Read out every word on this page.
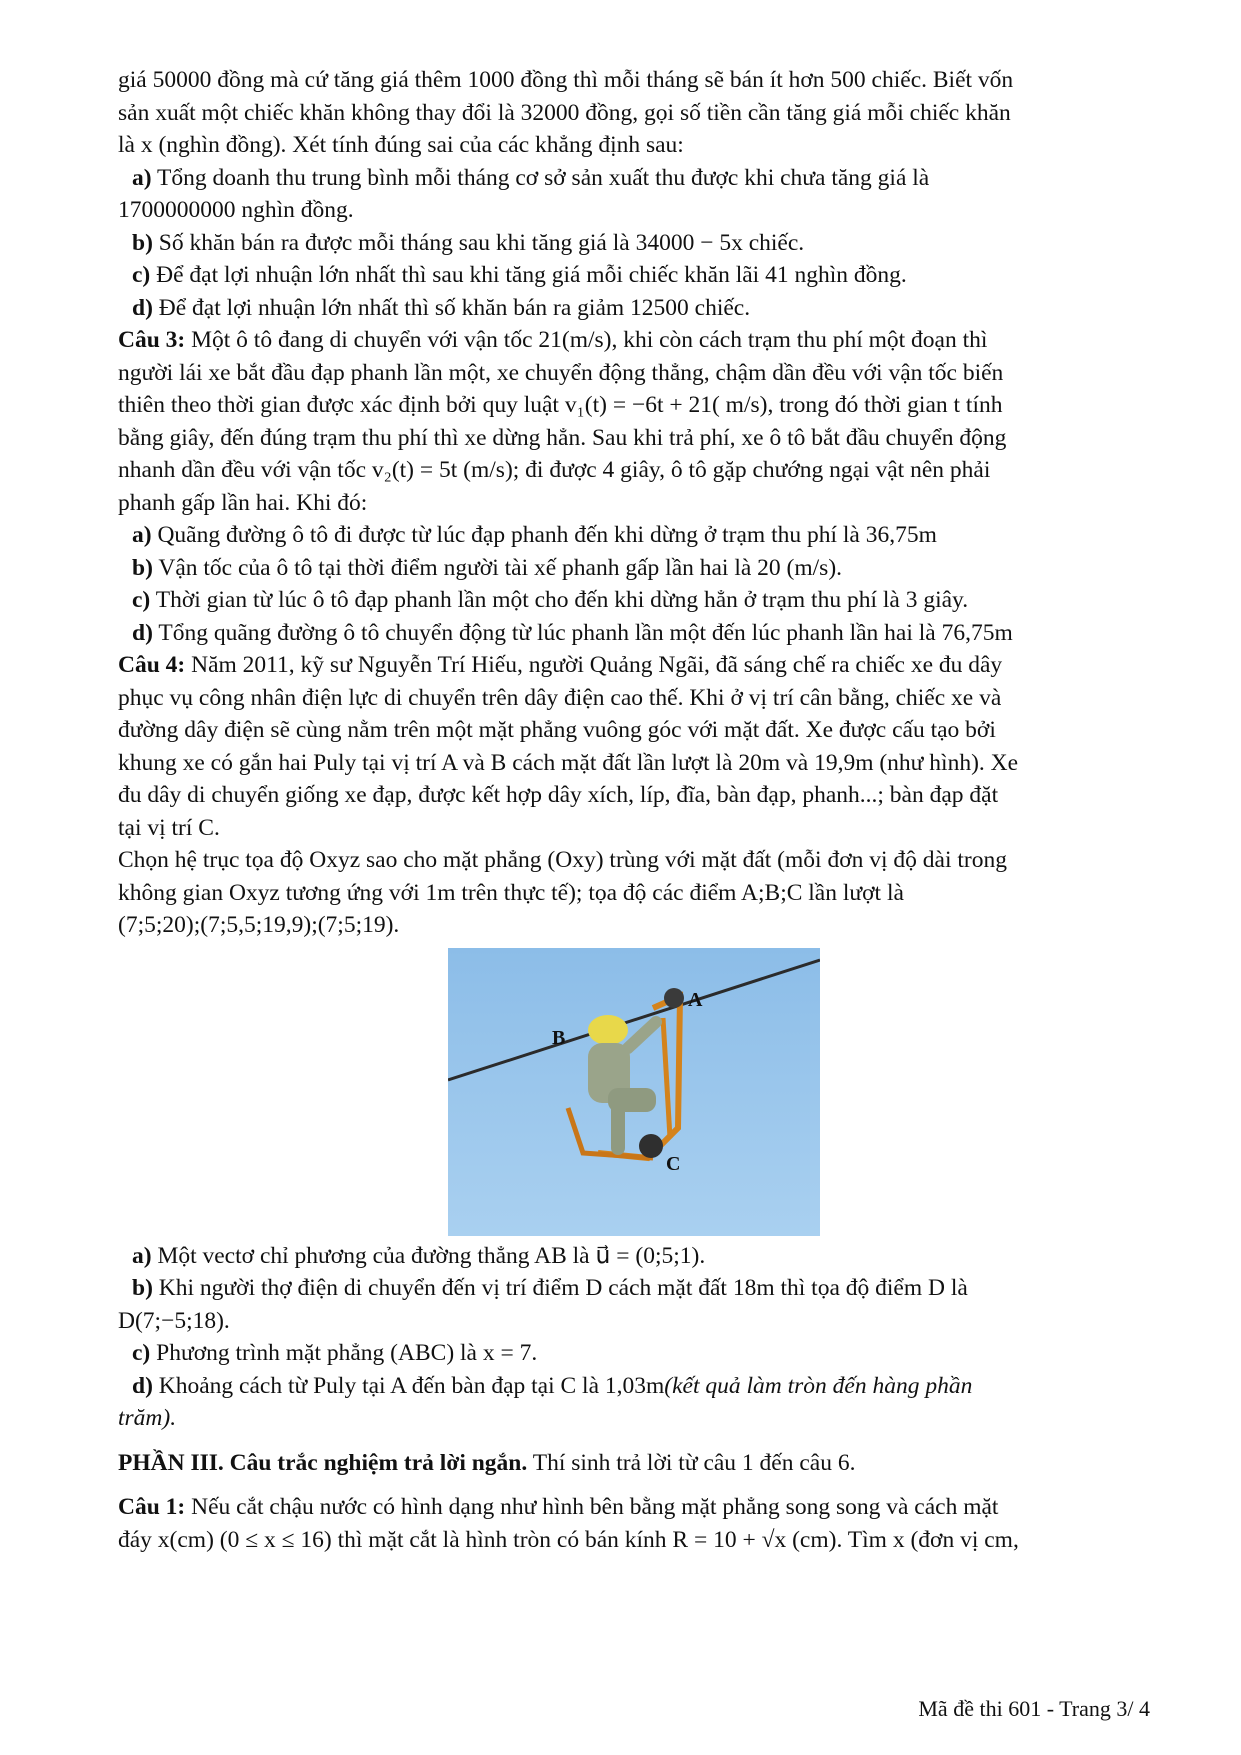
giá 50000 đồng mà cứ tăng giá thêm 1000 đồng thì mỗi tháng sẽ bán ít hơn 500 chiếc. Biết vốn

sản xuất một chiếc khăn không thay đổi là 32000 đồng, gọi số tiền cần tăng giá mỗi chiếc khăn

là x (nghìn đồng). Xét tính đúng sai của các khẳng định sau:

a) Tổng doanh thu trung bình mỗi tháng cơ sở sản xuất thu được khi chưa tăng giá là

1700000000 nghìn đồng.

b) Số khăn bán ra được mỗi tháng sau khi tăng giá là 34000 − 5x chiếc.

c) Để đạt lợi nhuận lớn nhất thì sau khi tăng giá mỗi chiếc khăn lãi 41 nghìn đồng.

d) Để đạt lợi nhuận lớn nhất thì số khăn bán ra giảm 12500 chiếc.

Câu 3: Một ô tô đang di chuyển với vận tốc 21(m/s), khi còn cách trạm thu phí một đoạn thì

người lái xe bắt đầu đạp phanh lần một, xe chuyển động thẳng, chậm dần đều với vận tốc biến

thiên theo thời gian được xác định bởi quy luật v₁(t) = −6t + 21( m/s), trong đó thời gian t tính

bằng giây, đến đúng trạm thu phí thì xe dừng hẳn. Sau khi trả phí, xe ô tô bắt đầu chuyển động

nhanh dần đều với vận tốc v₂(t) = 5t (m/s); đi được 4 giây, ô tô gặp chướng ngại vật nên phải

phanh gấp lần hai. Khi đó:

a) Quãng đường ô tô đi được từ lúc đạp phanh đến khi dừng ở trạm thu phí là 36,75m

b) Vận tốc của ô tô tại thời điểm người tài xế phanh gấp lần hai là 20 (m/s).

c) Thời gian từ lúc ô tô đạp phanh lần một cho đến khi dừng hẳn ở trạm thu phí là 3 giây.

d) Tổng quãng đường ô tô chuyển động từ lúc phanh lần một đến lúc phanh lần hai là 76,75m

Câu 4: Năm 2011, kỹ sư Nguyễn Trí Hiếu, người Quảng Ngãi, đã sáng chế ra chiếc xe đu dây

phục vụ công nhân điện lực di chuyển trên dây điện cao thế. Khi ở vị trí cân bằng, chiếc xe và

đường dây điện sẽ cùng nằm trên một mặt phẳng vuông góc với mặt đất. Xe được cấu tạo bởi

khung xe có gắn hai Puly tại vị trí A và B cách mặt đất lần lượt là 20m và 19,9m (như hình). Xe

đu dây di chuyển giống xe đạp, được kết hợp dây xích, líp, đĩa, bàn đạp, phanh...; bàn đạp đặt

tại vị trí C.

Chọn hệ trục tọa độ Oxyz sao cho mặt phẳng (Oxy) trùng với mặt đất (mỗi đơn vị độ dài trong

không gian Oxyz tương ứng với 1m trên thực tế); tọa độ các điểm A;B;C lần lượt là

(7;5;20);(7;5,5;19,9);(7;5;19).

A
B
C

a) Một vectơ chỉ phương của đường thẳng AB là u⃗ = (0;5;1).

b) Khi người thợ điện di chuyển đến vị trí điểm D cách mặt đất 18m thì tọa độ điểm D là

D(7;−5;18).

c) Phương trình mặt phẳng (ABC) là x = 7.

d) Khoảng cách từ Puly tại A đến bàn đạp tại C là 1,03m(kết quả làm tròn đến hàng phần

trăm).

PHẦN III. Câu trắc nghiệm trả lời ngắn. Thí sinh trả lời từ câu 1 đến câu 6.

Câu 1: Nếu cắt chậu nước có hình dạng như hình bên bằng mặt phẳng song song và cách mặt

đáy x(cm) (0 ≤ x ≤ 16) thì mặt cắt là hình tròn có bán kính R = 10 + √x (cm). Tìm x (đơn vị cm,

Mã đề thi 601 - Trang 3/ 4
